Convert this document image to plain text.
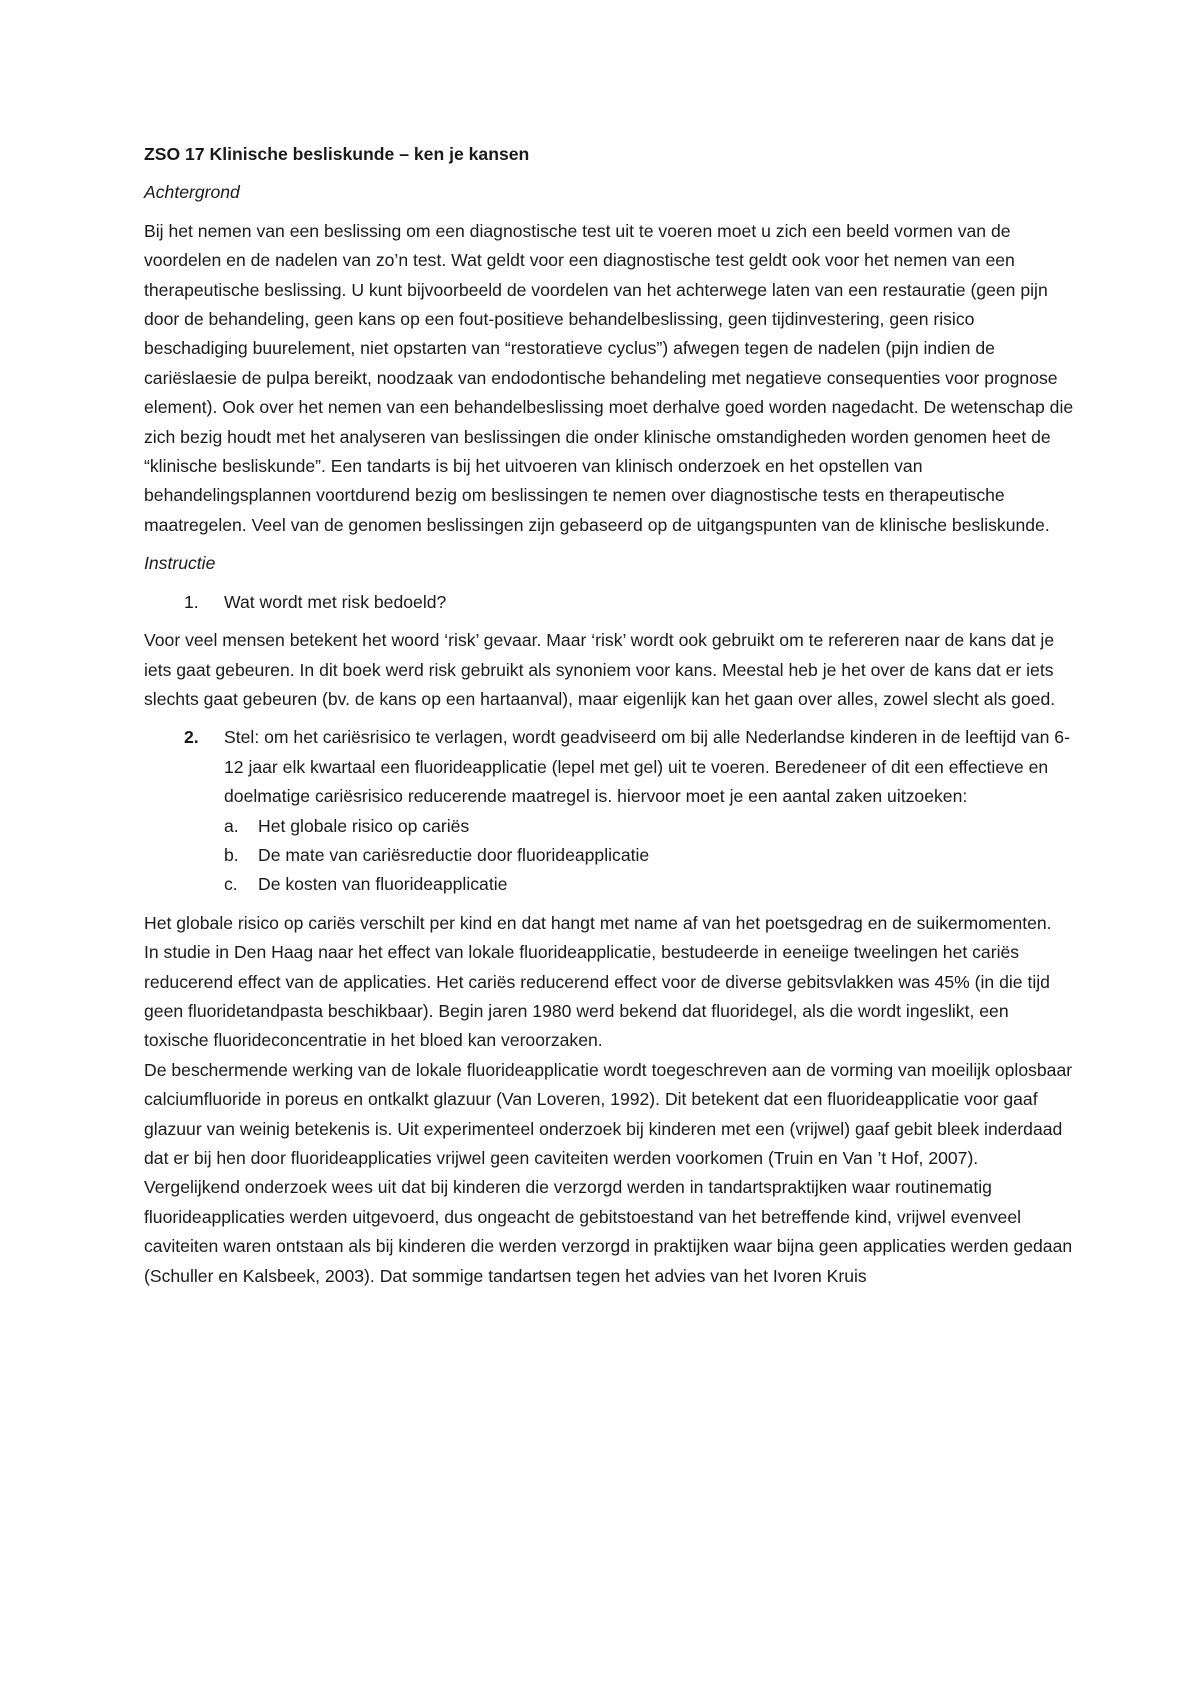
ZSO 17 Klinische besliskunde – ken je kansen

Achtergrond

Bij het nemen van een beslissing om een diagnostische test uit te voeren moet u zich een beeld vormen van de voordelen en de nadelen van zo’n test. Wat geldt voor een diagnostische test geldt ook voor het nemen van een therapeutische beslissing. U kunt bijvoorbeeld de voordelen van het achterwege laten van een restauratie (geen pijn door de behandeling, geen kans op een fout-positieve behandelbeslissing, geen tijdinvestering, geen risico beschadiging buurelement, niet opstarten van “restoratieve cyclus”) afwegen tegen de nadelen (pijn indien de cariëslaesie de pulpa bereikt, noodzaak van endodontische behandeling met negatieve consequenties voor prognose element). Ook over het nemen van een behandelbeslissing moet derhalve goed worden nagedacht. De wetenschap die zich bezig houdt met het analyseren van beslissingen die onder klinische omstandigheden worden genomen heet de “klinische besliskunde”. Een tandarts is bij het uitvoeren van klinisch onderzoek en het opstellen van behandelingsplannen voortdurend bezig om beslissingen te nemen over diagnostische tests en therapeutische maatregelen. Veel van de genomen beslissingen zijn gebaseerd op de uitgangspunten van de klinische besliskunde.

Instructie

1.	Wat wordt met risk bedoeld?

Voor veel mensen betekent het woord ‘risk’ gevaar. Maar ‘risk’ wordt ook gebruikt om te refereren naar de kans dat je iets gaat gebeuren. In dit boek werd risk gebruikt als synoniem voor kans. Meestal heb je het over de kans dat er iets slechts gaat gebeuren (bv. de kans op een hartaanval), maar eigenlijk kan het gaan over alles, zowel slecht als goed.

2.	Stel: om het cariësrisico te verlagen, wordt geadviseerd om bij alle Nederlandse kinderen in de leeftijd van 6-12 jaar elk kwartaal een fluorideapplicatie (lepel met gel) uit te voeren. Beredeneer of dit een effectieve en doelmatige cariësrisico reducerende maatregel is. hiervoor moet je een aantal zaken uitzoeken:
a.	Het globale risico op cariës
b.	De mate van cariësreductie door fluorideapplicatie
c.	De kosten van fluorideapplicatie

Het globale risico op cariës verschilt per kind en dat hangt met name af van het poetsgedrag en de suikermomenten.

In studie in Den Haag naar het effect van lokale fluorideapplicatie, bestudeerde in eeneiige tweelingen het cariës reducerend effect van de applicaties. Het cariës reducerend effect voor de diverse gebitsvlakken was 45% (in die tijd geen fluoridetandpasta beschikbaar). Begin jaren 1980 werd bekend dat fluoridegel, als die wordt ingeslikt, een toxische fluorideconcentratie in het bloed kan veroorzaken.

De beschermende werking van de lokale fluorideapplicatie wordt toegeschreven aan de vorming van moeilijk oplosbaar calciumfluoride in poreus en ontkalkt glazuur (Van Loveren, 1992). Dit betekent dat een fluorideapplicatie voor gaaf glazuur van weinig betekenis is. Uit experimenteel onderzoek bij kinderen met een (vrijwel) gaaf gebit bleek inderdaad dat er bij hen door fluorideapplicaties vrijwel geen caviteiten werden voorkomen (Truin en Van ’t Hof, 2007). Vergelijkend onderzoek wees uit dat bij kinderen die verzorgd werden in tandartspraktijken waar routinematig fluorideapplicaties werden uitgevoerd, dus ongeacht de gebitstoestand van het betreffende kind, vrijwel evenveel caviteiten waren ontstaan als bij kinderen die werden verzorgd in praktijken waar bijna geen applicaties werden gedaan (Schuller en Kalsbeek, 2003). Dat sommige tandartsen tegen het advies van het Ivoren Kruis
